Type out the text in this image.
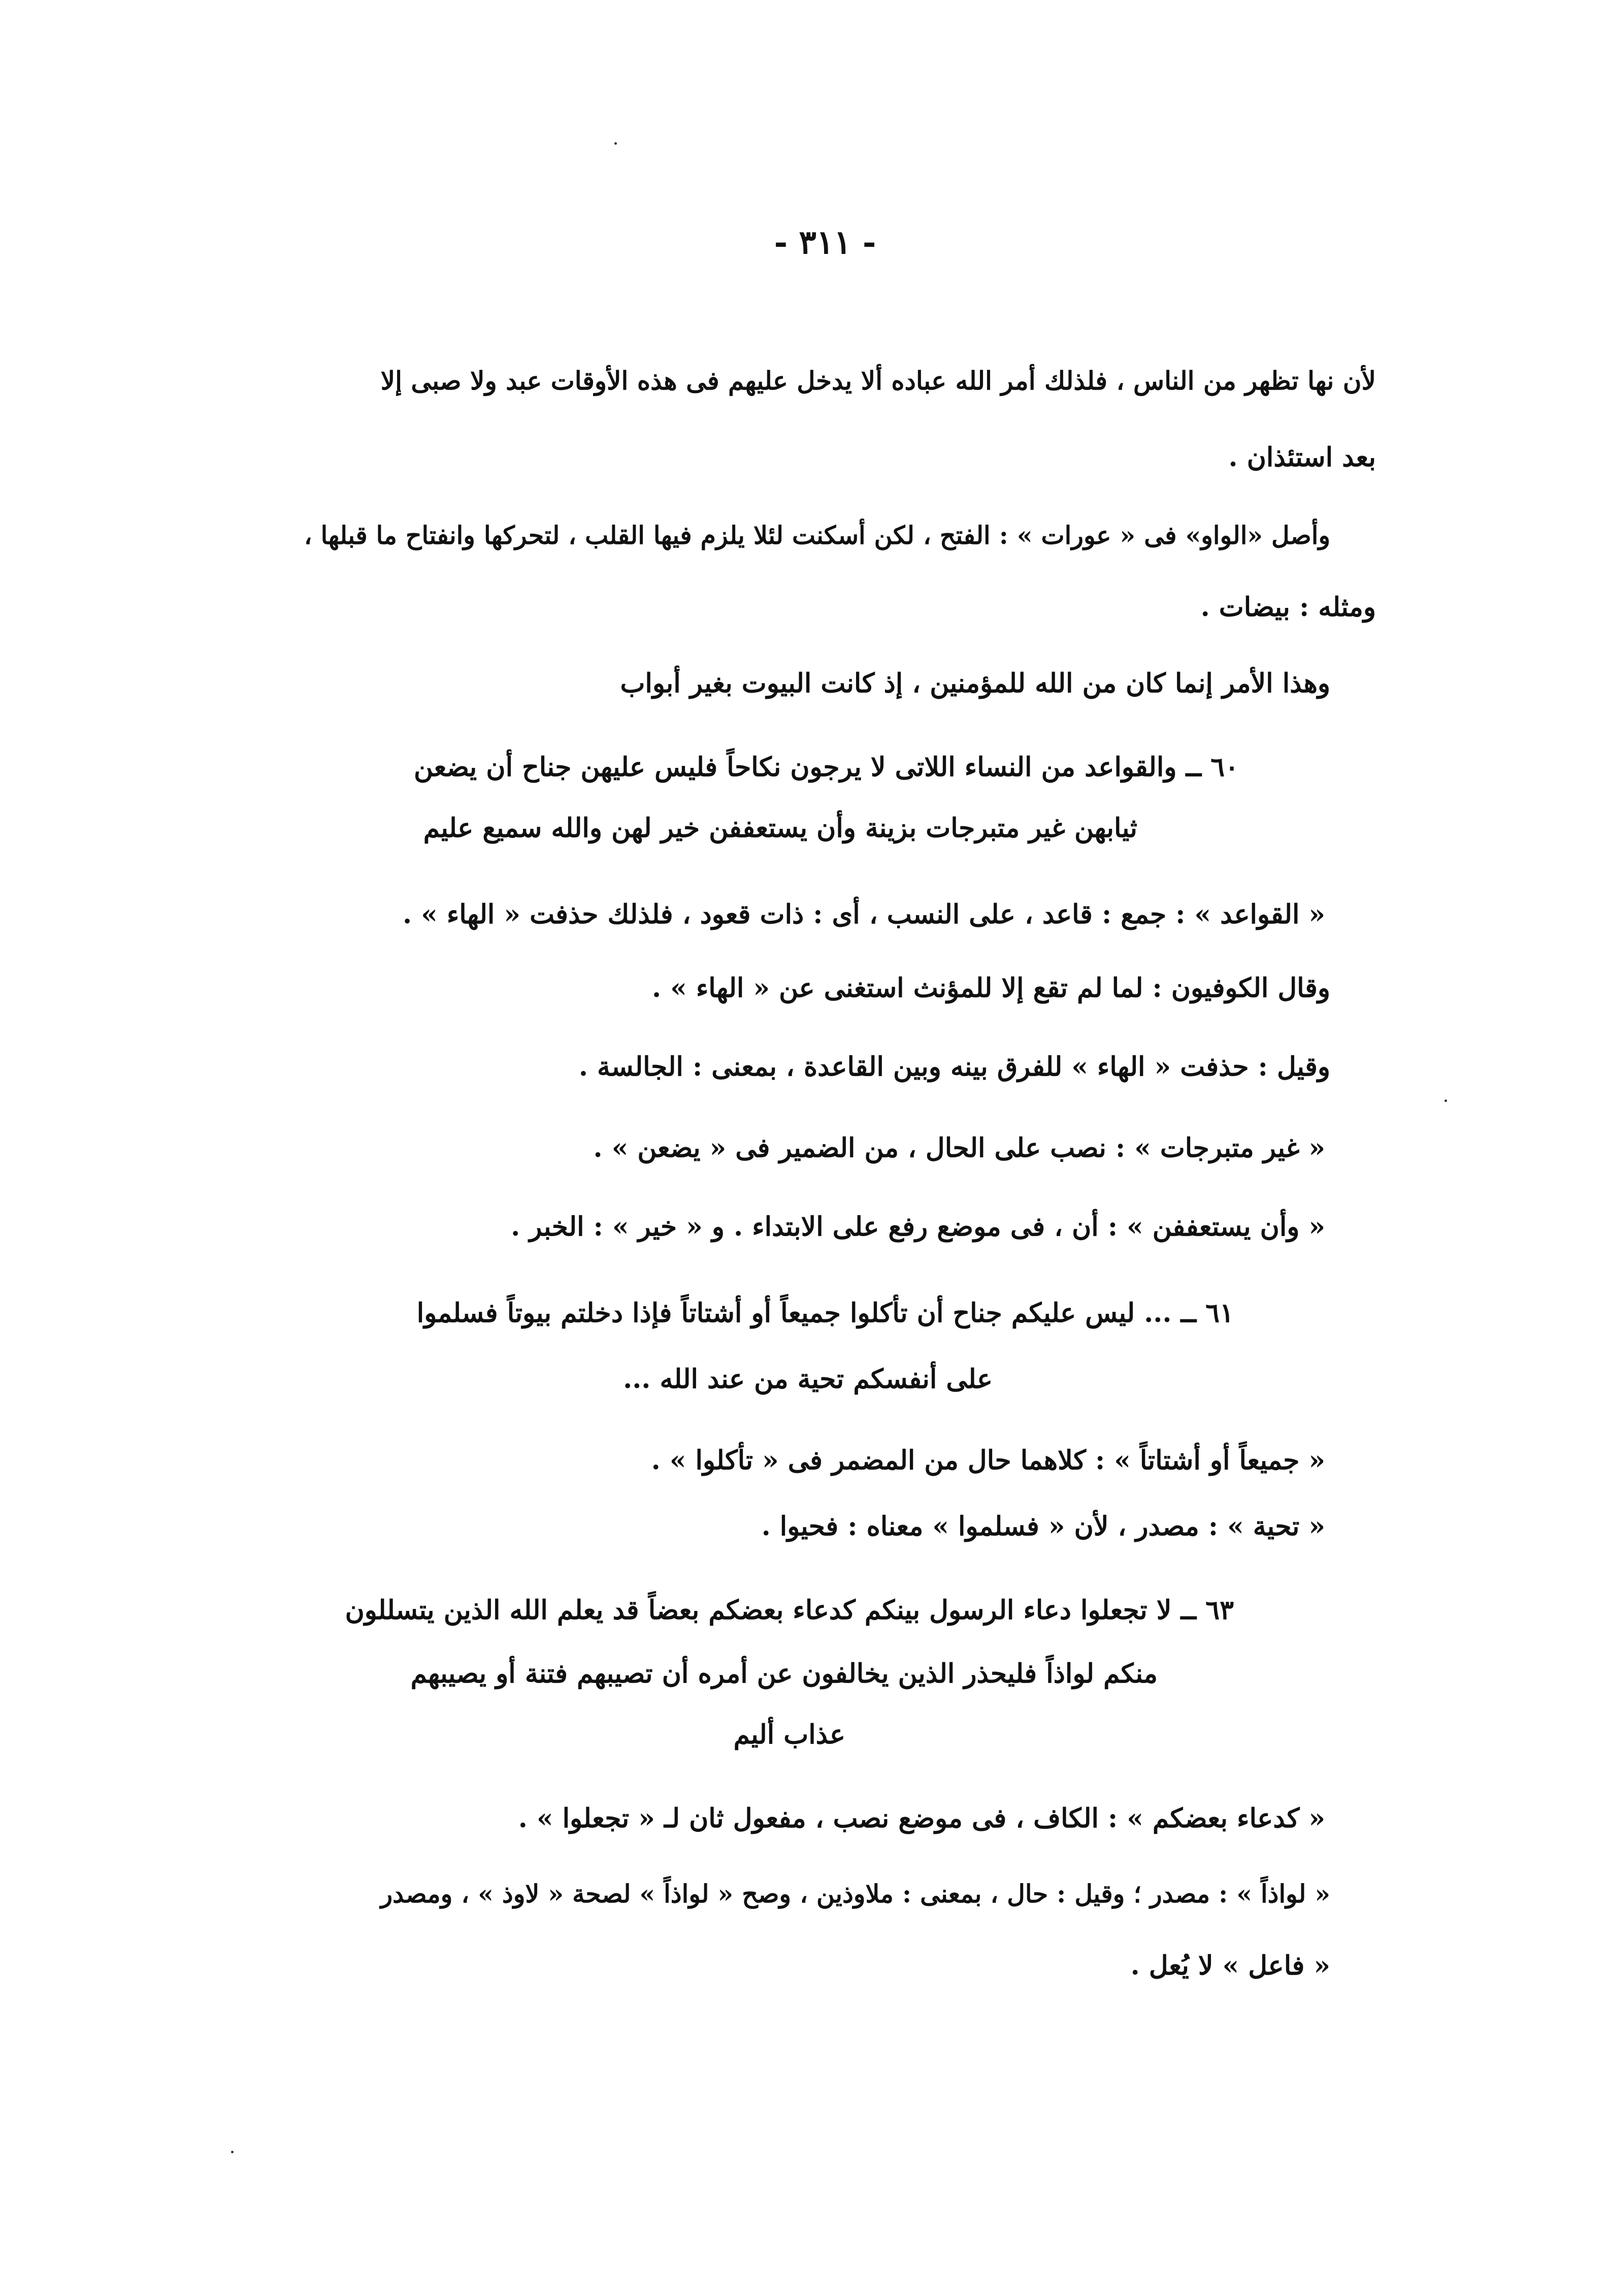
- ٣١١ -
لأن نها تظهر من الناس ، فلذلك أمر الله عباده ألا يدخل عليهم فى هذه الأوقات عبد ولا صبى إلا
بعد استئذان .
وأصل «الواو» فى « عورات » : الفتح ، لكن أسكنت لئلا يلزم فيها القلب ، لتحركها وانفتاح ما قبلها ،
ومثله : بيضات .
وهذا الأمر إنما كان من الله للمؤمنين ، إذ كانت البيوت بغير أبواب
٦٠ ــ والقواعد من النساء اللاتى لا يرجون نكاحاً فليس عليهن جناح أن يضعن
ثيابهن غير متبرجات بزينة وأن يستعففن خير لهن والله سميع عليم
« القواعد » : جمع : قاعد ، على النسب ، أى : ذات قعود ، فلذلك حذفت « الهاء » .
وقال الكوفيون : لما لم تقع إلا للمؤنث استغنى عن « الهاء » .
وقيل : حذفت « الهاء » للفرق بينه وبين القاعدة ، بمعنى : الجالسة .
« غير متبرجات » : نصب على الحال ، من الضمير فى « يضعن » .
« وأن يستعففن » : أن ، فى موضع رفع على الابتداء . و « خير » : الخبر .
٦١ ــ ... ليس عليكم جناح أن تأكلوا جميعاً أو أشتاتاً فإذا دخلتم بيوتاً فسلموا
على أنفسكم تحية من عند الله ...
« جميعاً أو أشتاتاً » : كلاهما حال من المضمر فى « تأكلوا » .
« تحية » : مصدر ، لأن « فسلموا » معناه : فحيوا .
٦٣ ــ لا تجعلوا دعاء الرسول بينكم كدعاء بعضكم بعضاً قد يعلم الله الذين يتسللون
منكم لواذاً فليحذر الذين يخالفون عن أمره أن تصيبهم فتنة أو يصيبهم
عذاب أليم
« كدعاء بعضكم » : الكاف ، فى موضع نصب ، مفعول ثان لـ « تجعلوا » .
« لواذاً » : مصدر ؛ وقيل : حال ، بمعنى : ملاوذين ، وصح « لواذاً » لصحة « لاوذ » ، ومصدر
« فاعل » لا يُعل .
